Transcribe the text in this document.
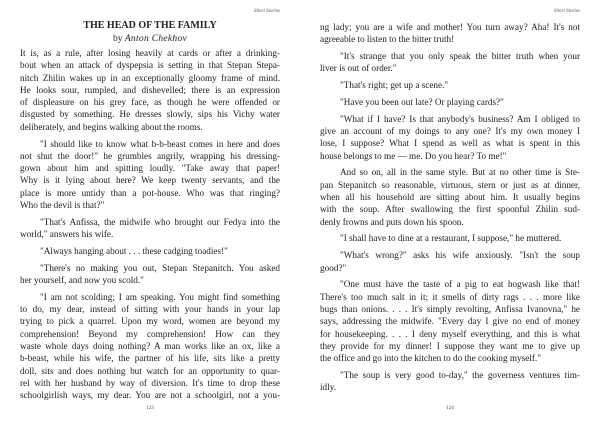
Short Stories
THE HEAD OF THE FAMILY
by Anton Chekhov
It is, as a rule, after losing heavily at cards or after a drinking-
bout when an attack of dyspepsia is setting in that Stepan Stepa-
nitch Zhilin wakes up in an exceptionally gloomy frame of mind.
He looks sour, rumpled, and dishevelled; there is an expression
of displeasure on his grey face, as though he were offended or
disgusted by something. He dresses slowly, sips his Vichy water
deliberately, and begins walking about the rooms.
"I should like to know what b-b-beast comes in here and does
not shut the door!" he grumbles angrily, wrapping his dressing-
gown about him and spitting loudly. "Take away that paper!
Why is it lying about here? We keep twenty servants, and the
place is more untidy than a pot-house. Who was that ringing?
Who the devil is that?"
"That's Anfissa, the midwife who brought our Fedya into the
world," answers his wife.
"Always hanging about . . . these cadging toadies!"
"There's no making you out, Stepan Stepanitch. You asked
her yourself, and now you scold."
"I am not scolding; I am speaking. You might find something
to do, my dear, instead of sitting with your hands in your lap
trying to pick a quarrel. Upon my word, women are beyond my
comprehension! Beyond my comprehension! How can they
waste whole days doing nothing? A man works like an ox, like a
b-beast, while his wife, the partner of his life, sits like a pretty
doll, sits and does nothing but watch for an opportunity to quar-
rel with her husband by way of diversion. It's time to drop these
schoolgirlish ways, my dear. You are not a schoolgirl, not a you-
123
Short Stories
ng lady; you are a wife and mother! You turn away? Aha! It's not
agreeable to listen to the bitter truth!
"It's strange that you only speak the bitter truth when your
liver is out of order."
"That's right; get up a scene."
"Have you been out late? Or playing cards?"
"What if I have? Is that anybody's business? Am I obliged to
give an account of my doings to any one? It's my own money I
lose, I suppose? What I spend as well as what is spent in this
house belongs to me — me. Do you hear? To me!"
And so on, all in the same style. But at no other time is Ste-
pan Stepanitch so reasonable, virtuous, stern or just as at dinner,
when all his household are sitting about him. It usually begins
with the soup. After swallowing the first spoonful Zhilin sud-
denly frowns and puts down his spoon.
"I shall have to dine at a restaurant, I suppose," he muttered.
"What's wrong?" asks his wife anxiously. "Isn't the soup
good?"
"One must have the taste of a pig to eat hogwash like that!
There's too much salt in it; it smells of dirty rags . . . more like
bugs than onions. . . . It's simply revolting, Anfissa Ivanovna," he
says, addressing the midwife. "Every day I give no end of money
for housekeeping. . . . I deny myself everything, and this is what
they provide for my dinner! I suppose they want me to give up
the office and go into the kitchen to do the cooking myself."
"The soup is very good to-day," the governess ventures tim-
idly.
124
